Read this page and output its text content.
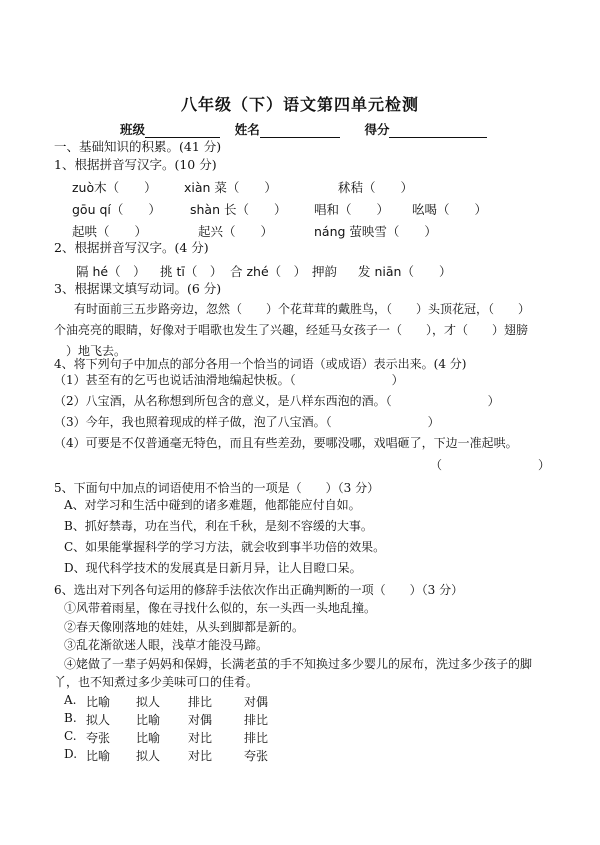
八年级（下）语文第四单元检测
班级	姓名	得分
一、基础知识的积累。(41 分)
1、根据拼音写汉字。(10 分)
zuò木（　　） xiàn 菜（　　）	秫秸（　　）
gōu qí（　　） shàn 长（　　） 唱和（　　） 吆喝（　　）
起哄（　　）	起兴（　　）	náng 萤映雪（　　）
2、根据拼音写汉字。(4 分)
隔 hé（　） 挑 tī（　） 合 zhé（　） 押韵 发 niān（　　）
3、根据课文填写动词。(6 分)
有时面前三五步路旁边，忽然（　　）个花茸茸的戴胜鸟，（　　）头顶花冠，（　　）
个油亮亮的眼睛，好像对于唱歌也发生了兴趣，经延马女孩子一（　　），才（　　）翅膀
）地飞去。
4、将下列句子中加点的部分各用一个恰当的词语（或成语）表示出来。(4 分)
（1）甚至有的乞丐也说话油滑地编起快板。（　　　　　　　　）
（2）八宝酒，从名称想到所包含的意义，是八样东西泡的酒。（　　　　　　　　）
（3）今年，我也照着现成的样子做，泡了八宝酒。（　　　　　　　　）
（4）可要是不仅普通毫无特色，而且有些差劲，要哪没哪，戏唱砸了，下边一准起哄。
（　　　　　　　　）
5、下面句中加点的词语使用不恰当的一项是（　　）（3 分）
A、对学习和生活中碰到的诸多难题，他都能应付自如。
B、抓好禁毒，功在当代，利在千秋，是刻不容缓的大事。
C、如果能掌握科学的学习方法，就会收到事半功倍的效果。
D、现代科学技术的发展真是日新月异，让人目瞪口呆。
6、选出对下列各句运用的修辞手法依次作出正确判断的一项（　　）（3 分）
①风带着雨星，像在寻找什么似的，东一头西一头地乱撞。
②春天像刚落地的娃娃，从头到脚都是新的。
③乱花渐欲迷人眼，浅草才能没马蹄。
④姥做了一辈子妈妈和保姆，长满老茧的手不知换过多少婴儿的尿布，洗过多少孩子的脚
丫，也不知煮过多少美味可口的佳肴。
A. 比喻 拟人 排比	对偶
B. 拟人 比喻 对偶	排比
C. 夸张 比喻 对比	排比
D. 比喻 拟人 对比	夸张
